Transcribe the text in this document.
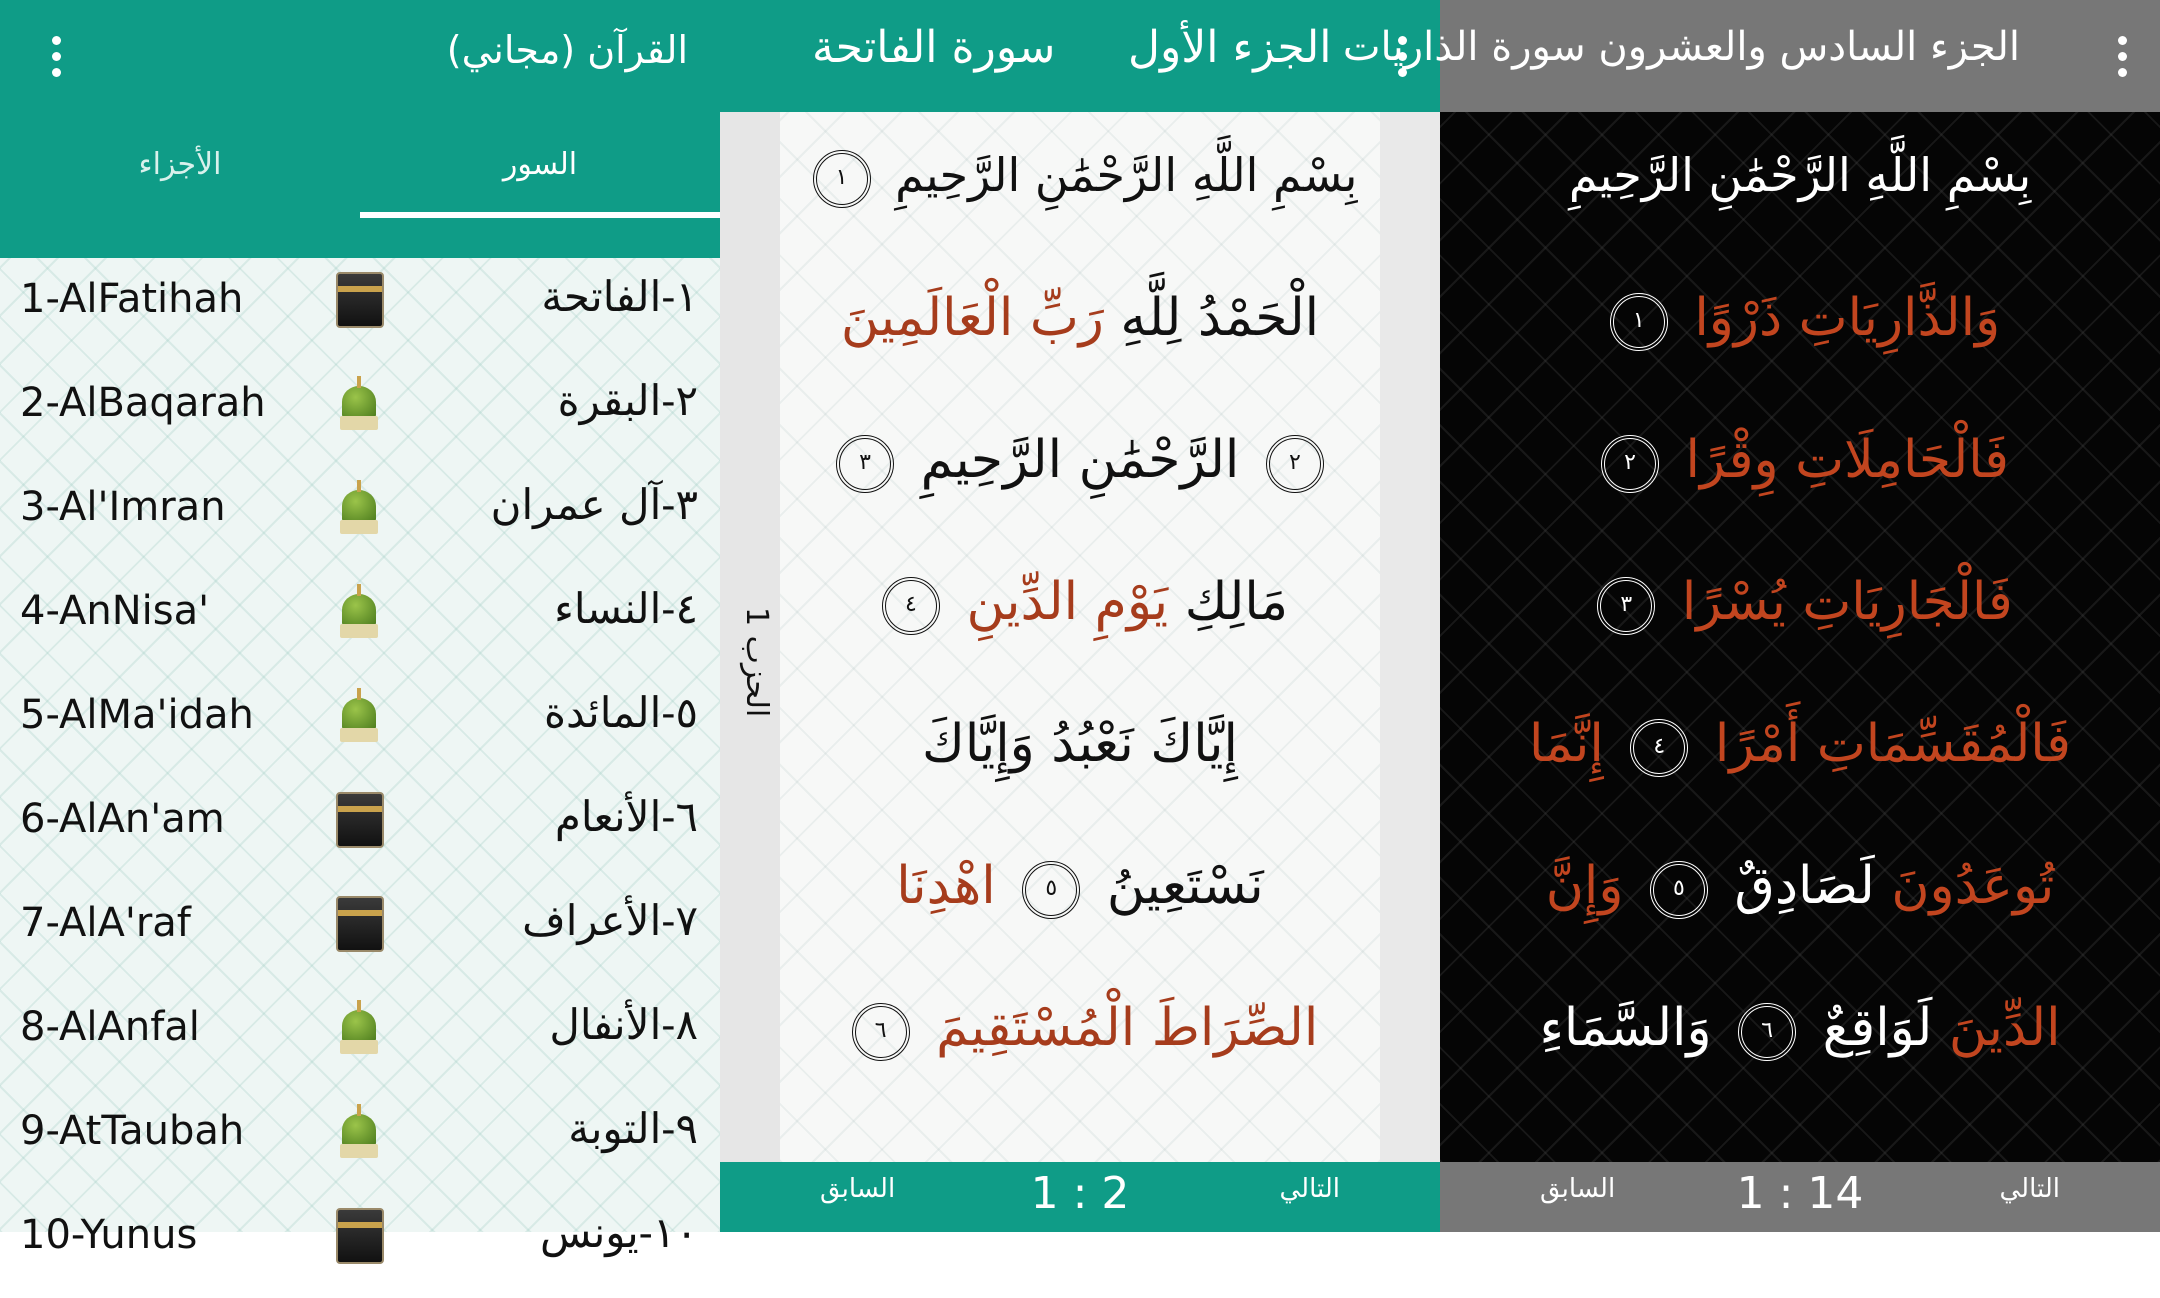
القرآن (مجاني)
السور
الأجزاء
1-AlFatihah	١-الفاتحة
2-AlBaqarah	٢-البقرة
3-Al'Imran	٣-آل عمران
4-AnNisa'	٤-النساء
5-AlMa'idah	٥-المائدة
6-AlAn'am	٦-الأنعام
7-AlA'raf	٧-الأعراف
8-AlAnfal	٨-الأنفال
9-AtTaubah	٩-التوبة
10-Yunus	١٠-يونس
سورة الفاتحة الجزء الأول
الحزب 1
بِسْمِ اللَّهِ الرَّحْمَٰنِ الرَّحِيمِ ١
الْحَمْدُ لِلَّهِ رَبِّ الْعَالَمِينَ
٢ الرَّحْمَٰنِ الرَّحِيمِ ٣
مَالِكِ يَوْمِ الدِّينِ ٤
إِيَّاكَ نَعْبُدُ وَإِيَّاكَ
نَسْتَعِينُ ٥ اهْدِنَا
الصِّرَاطَ الْمُسْتَقِيمَ ٦
السابق	1 : 2	التالي
الجزء السادس والعشرون سورة الذاريات
بِسْمِ اللَّهِ الرَّحْمَٰنِ الرَّحِيمِ
وَالذَّارِيَاتِ ذَرْوًا ١
فَالْحَامِلَاتِ وِقْرًا ٢
فَالْجَارِيَاتِ يُسْرًا ٣
فَالْمُقَسِّمَاتِ أَمْرًا ٤ إِنَّمَا
تُوعَدُونَ لَصَادِقٌ ٥ وَإِنَّ
الدِّينَ لَوَاقِعٌ ٦ وَالسَّمَاءِ
السابق	1 : 14	التالي
